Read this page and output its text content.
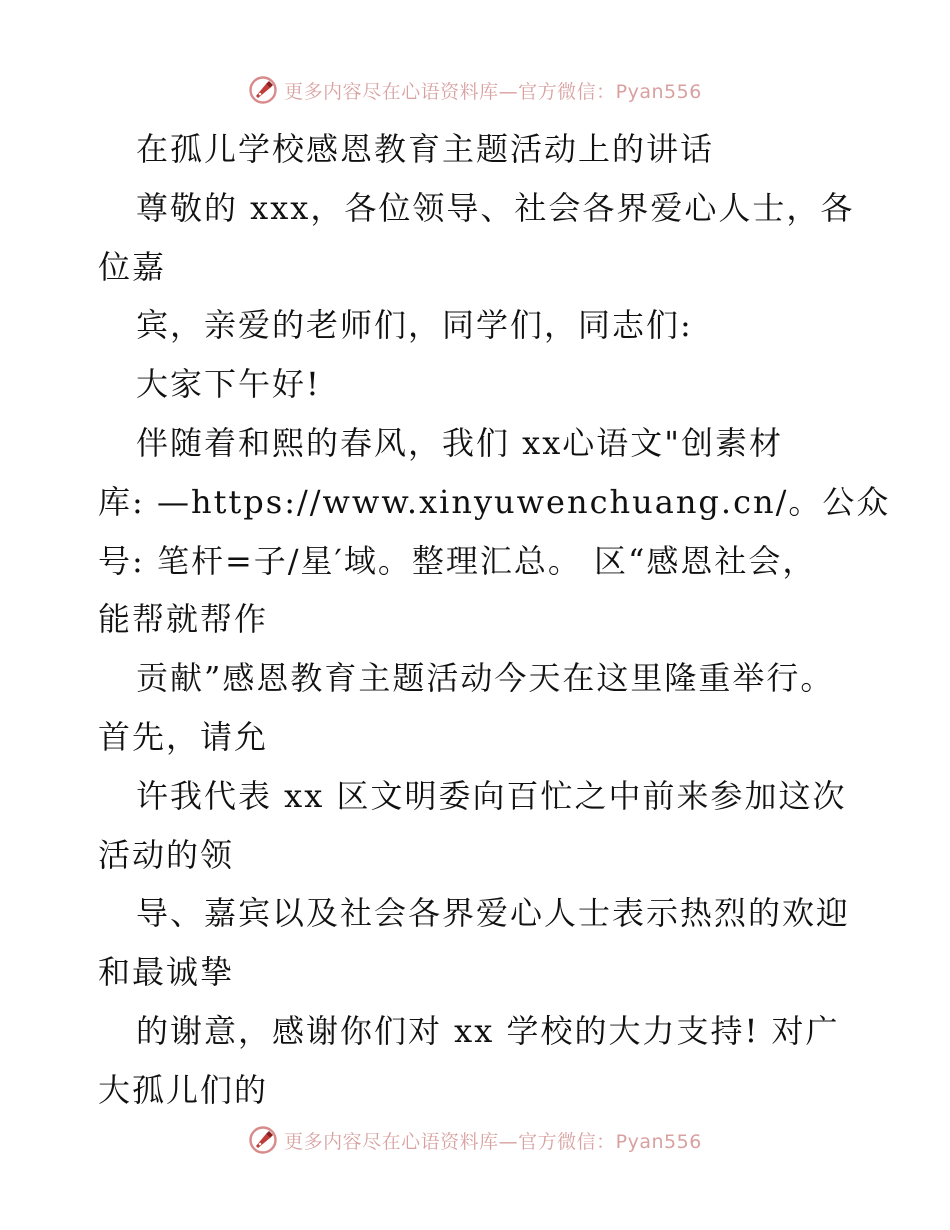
更多内容尽在心语资料库—官方微信：Pyan556
在孤儿学校感恩教育主题活动上的讲话
尊敬的 xxx，各位领导、社会各界爱心人士，各
位嘉
宾，亲爱的老师们，同学们，同志们:
大家下午好!
伴随着和熙的春风，我们 xx心语文"创素材
库: —https://www.xinyuwenchuang.cn/。公众
号: 笔杆=子/星′域。整理汇总。 区“感恩社会，
能帮就帮作
贡献”感恩教育主题活动今天在这里隆重举行。
首先，请允
许我代表 xx 区文明委向百忙之中前来参加这次
活动的领
导、嘉宾以及社会各界爱心人士表示热烈的欢迎
和最诚挚
的谢意，感谢你们对 xx 学校的大力支持! 对广
大孤儿们的
更多内容尽在心语资料库—官方微信：Pyan556
